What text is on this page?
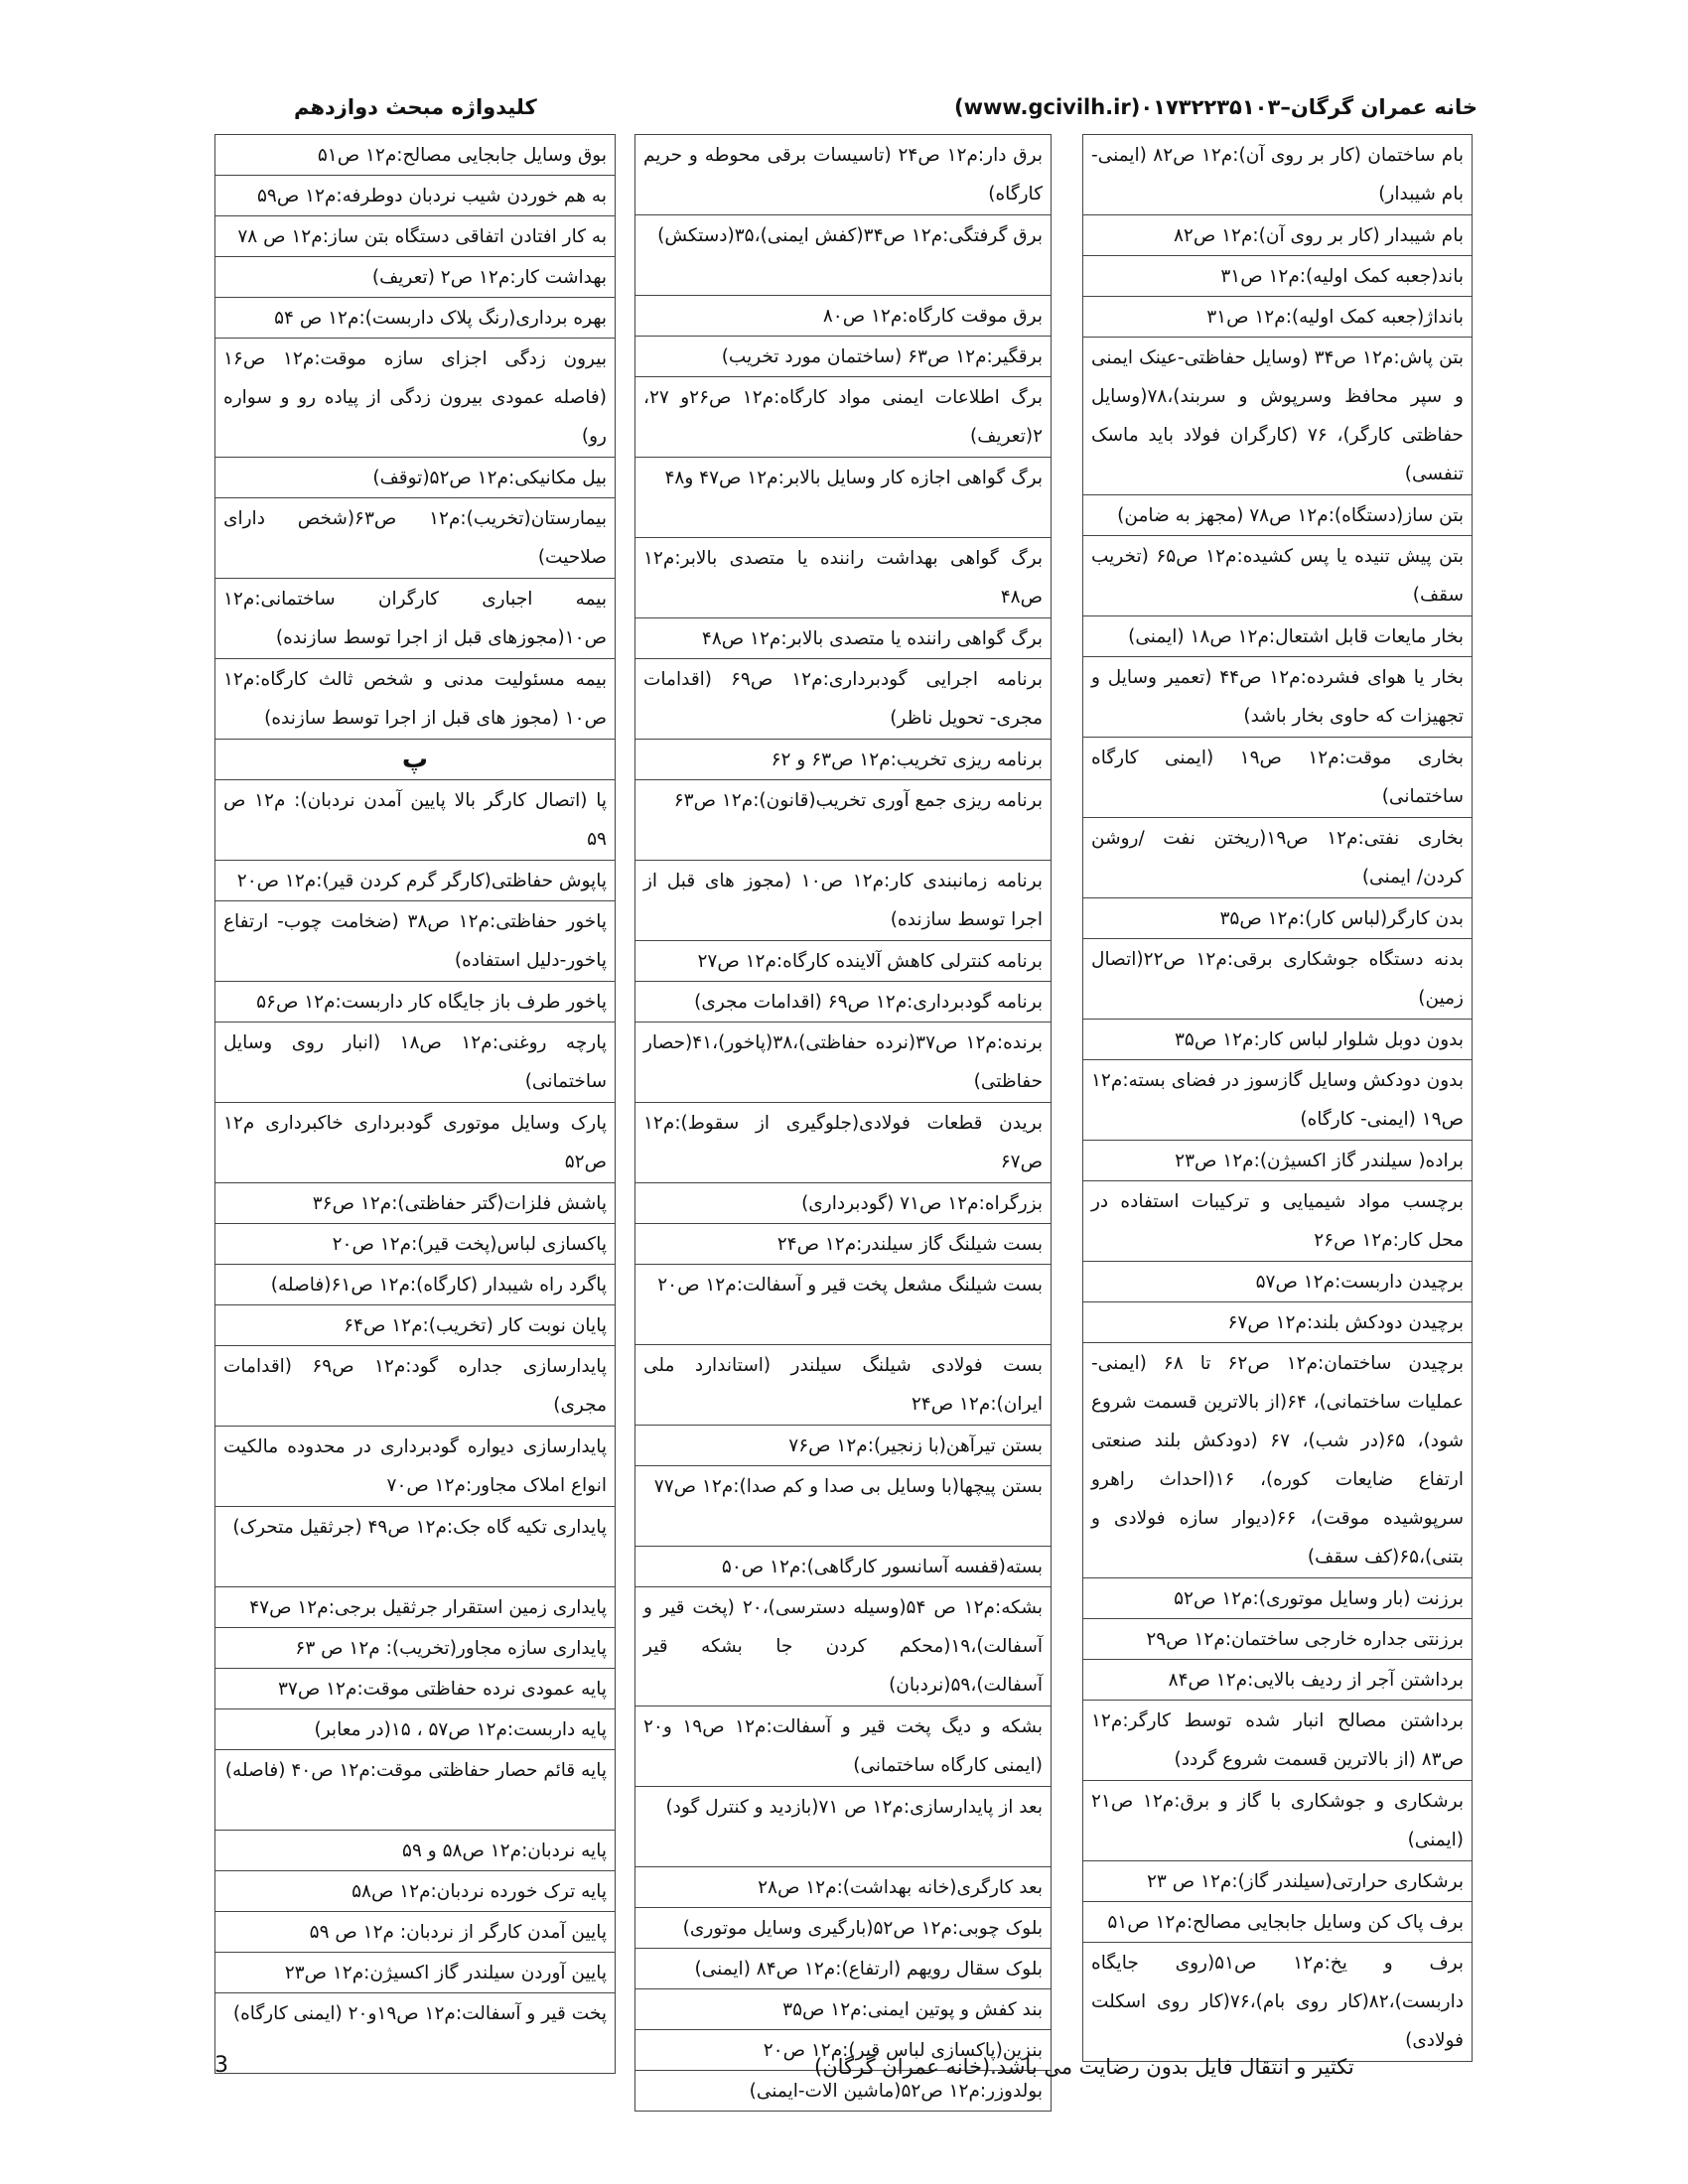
کلیدواژه مبحث دوازدهم	خانه عمران گرگان–۰۱۷۳۲۲۳۵۱۰۳(www.gcivilh.ir)
بام ساختمان (کار بر روی آن):م۱۲ ص۸۲ (ایمنی-بام شیبدار)
بام شیبدار (کار بر روی آن):م۱۲ ص۸۲
باند(جعبه کمک اولیه):م۱۲ ص۳۱
بانداژ(جعبه کمک اولیه):م۱۲ ص۳۱
بتن پاش:م۱۲ ص۳۴ (وسایل حفاظتی-عینک ایمنی و سپر محافظ وسرپوش و سربند)،۷۸(وسایل حفاظتی کارگر)، ۷۶ (کارگران فولاد باید ماسک تنفسی)
بتن ساز(دستگاه):م۱۲ ص۷۸ (مجهز به ضامن)
بتن پیش تنیده یا پس کشیده:م۱۲ ص۶۵ (تخریب سقف)
بخار مایعات قابل اشتعال:م۱۲ ص۱۸ (ایمنی)
بخار یا هوای فشرده:م۱۲ ص۴۴ (تعمیر وسایل و تجهیزات که حاوی بخار باشد)
بخاری موقت:م۱۲ ص۱۹ (ایمنی کارگاه ساختمانی)
بخاری نفتی:م۱۲ ص۱۹(ریختن نفت /روشن کردن/ ایمنی)
بدن کارگر(لباس کار):م۱۲ ص۳۵
بدنه دستگاه جوشکاری برقی:م۱۲ ص۲۲(اتصال زمین)
بدون دوبل شلوار لباس کار:م۱۲ ص۳۵
بدون دودکش وسایل گازسوز در فضای بسته:م۱۲ ص۱۹ (ایمنی- کارگاه)
براده( سیلندر گاز اکسیژن):م۱۲ ص۲۳
برچسب مواد شیمیایی و ترکیبات استفاده در محل کار:م۱۲ ص۲۶
برچیدن داربست:م۱۲ ص۵۷
برچیدن دودکش بلند:م۱۲ ص۶۷
برچیدن ساختمان:م۱۲ ص۶۲ تا ۶۸ (ایمنی-عملیات ساختمانی)، ۶۴(از بالاترین قسمت شروع شود)، ۶۵(در شب)، ۶۷ (دودکش بلند صنعتی ارتفاع ضایعات کوره)، ۱۶(احداث راهرو سرپوشیده موقت)، ۶۶(دیوار سازه فولادی و بتنی)،۶۵(کف سقف)
برزنت (بار وسایل موتوری):م۱۲ ص۵۲
برزنتی جداره خارجی ساختمان:م۱۲ ص۲۹
برداشتن آجر از ردیف بالایی:م۱۲ ص۸۴
برداشتن مصالح انبار شده توسط کارگر:م۱۲ ص۸۳ (از بالاترین قسمت شروع گردد)
برشکاری و جوشکاری با گاز و برق:م۱۲ ص۲۱ (ایمنی)
برشکاری حرارتی(سیلندر گاز):م۱۲ ص ۲۳
برف پاک کن وسایل جابجایی مصالح:م۱۲ ص۵۱
برف و یخ:م۱۲ ص۵۱(روی جایگاه داربست)،۸۲(کار روی بام)،۷۶(کار روی اسکلت فولادی)
برق دار:م۱۲ ص۲۴ (تاسیسات برقی محوطه و حریم کارگاه)
برق گرفتگی:م۱۲ ص۳۴(کفش ایمنی)،۳۵(دستکش)
برق موقت کارگاه:م۱۲ ص۸۰
برقگیر:م۱۲ ص۶۳ (ساختمان مورد تخریب)
برگ اطلاعات ایمنی مواد کارگاه:م۱۲ ص۲۶و ۲۷، ۲(تعریف)
برگ گواهی اجازه کار وسایل بالابر:م۱۲ ص۴۷ و۴۸
برگ گواهی بهداشت راننده یا متصدی بالابر:م۱۲ ص۴۸
برگ گواهی راننده یا متصدی بالابر:م۱۲ ص۴۸
برنامه اجرایی گودبرداری:م۱۲ ص۶۹ (اقدامات مجری- تحویل ناظر)
برنامه ریزی تخریب:م۱۲ ص۶۳ و ۶۲
برنامه ریزی جمع آوری تخریب(قانون):م۱۲ ص۶۳
برنامه زمانبندی کار:م۱۲ ص۱۰ (مجوز های قبل از اجرا توسط سازنده)
برنامه کنترلی کاهش آلاینده کارگاه:م۱۲ ص۲۷
برنامه گودبرداری:م۱۲ ص۶۹ (اقدامات مجری)
برنده:م۱۲ ص۳۷(نرده حفاظتی)،۳۸(پاخور)،۴۱(حصار حفاظتی)
بریدن قطعات فولادی(جلوگیری از سقوط):م۱۲ ص۶۷
بزرگراه:م۱۲ ص۷۱ (گودبرداری)
بست شیلنگ گاز سیلندر:م۱۲ ص۲۴
بست شیلنگ مشعل پخت قیر و آسفالت:م۱۲ ص۲۰
بست فولادی شیلنگ سیلندر (استاندارد ملی ایران):م۱۲ ص۲۴
بستن تیرآهن(با زنجیر):م۱۲ ص۷۶
بستن پیچها(با وسایل بی صدا و کم صدا):م۱۲ ص۷۷
بسته(قفسه آسانسور کارگاهی):م۱۲ ص۵۰
بشکه:م۱۲ ص ۵۴(وسیله دسترسی)،۲۰ (پخت قیر و آسفالت)،۱۹(محکم کردن جا بشکه قیر آسفالت)،۵۹(نردبان)
بشکه و دیگ پخت قیر و آسفالت:م۱۲ ص۱۹ و۲۰ (ایمنی کارگاه ساختمانی)
بعد از پایدارسازی:م۱۲ ص ۷۱(بازدید و کنترل گود)
بعد کارگری(خانه بهداشت):م۱۲ ص۲۸
بلوک چوبی:م۱۲ ص۵۲(بارگیری وسایل موتوری)
بلوک سقال رویهم (ارتفاع):م۱۲ ص۸۴ (ایمنی)
بند کفش و پوتین ایمنی:م۱۲ ص۳۵
بنزین(پاکسازی لباس قیر):م۱۲ ص۲۰
بولدوزر:م۱۲ ص۵۲(ماشین الات-ایمنی)
بوق وسایل جابجایی مصالح:م۱۲ ص۵۱
به هم خوردن شیب نردبان دوطرفه:م۱۲ ص۵۹
به کار افتادن اتفاقی دستگاه بتن ساز:م۱۲ ص ۷۸
بهداشت کار:م۱۲ ص۲ (تعریف)
بهره برداری(رنگ پلاک داربست):م۱۲ ص ۵۴
بیرون زدگی اجزای سازه موقت:م۱۲ ص۱۶ (فاصله عمودی بیرون زدگی از پیاده رو و سواره رو)
بیل مکانیکی:م۱۲ ص۵۲(توقف)
بیمارستان(تخریب):م۱۲ ص۶۳(شخص دارای صلاحیت)
بیمه اجباری کارگران ساختمانی:م۱۲ ص۱۰(مجوزهای قبل از اجرا توسط سازنده)
بیمه مسئولیت مدنی و شخص ثالث کارگاه:م۱۲ ص۱۰ (مجوز های قبل از اجرا توسط سازنده)
پ
پا (اتصال کارگر بالا پایین آمدن نردبان): م۱۲ ص ۵۹
پاپوش حفاظتی(کارگر گرم کردن قیر):م۱۲ ص۲۰
پاخور حفاظتی:م۱۲ ص۳۸ (ضخامت چوب- ارتفاع پاخور-دلیل استفاده)
پاخور طرف باز جایگاه کار داربست:م۱۲ ص۵۶
پارچه روغنی:م۱۲ ص۱۸ (انبار روی وسایل ساختمانی)
پارک وسایل موتوری گودبرداری خاکبرداری م۱۲ ص۵۲
پاشش فلزات(گتر حفاظتی):م۱۲ ص۳۶
پاکسازی لباس(پخت قیر):م۱۲ ص۲۰
پاگرد راه شیبدار (کارگاه):م۱۲ ص۶۱(فاصله)
پایان نوبت کار (تخریب):م۱۲ ص۶۴
پایدارسازی جداره گود:م۱۲ ص۶۹ (اقدامات مجری)
پایدارسازی دیواره گودبرداری در محدوده مالکیت انواع املاک مجاور:م۱۲ ص۷۰
پایداری تکیه گاه جک:م۱۲ ص۴۹ (جرثقیل متحرک)
پایداری زمین استقرار جرثقیل برجی:م۱۲ ص۴۷
پایداری سازه مجاور(تخریب): م۱۲ ص ۶۳
پایه عمودی نرده حفاظتی موقت:م۱۲ ص۳۷
پایه داربست:م۱۲ ص۵۷ ، ۱۵(در معابر)
پایه قائم حصار حفاظتی موقت:م۱۲ ص۴۰ (فاصله)
پایه نردبان:م۱۲ ص۵۸ و ۵۹
پایه ترک خورده نردبان:م۱۲ ص۵۸
پایین آمدن کارگر از نردبان: م۱۲ ص ۵۹
پایین آوردن سیلندر گاز اکسیژن:م۱۲ ص۲۳
پخت قیر و آسفالت:م۱۲ ص۱۹و۲۰ (ایمنی کارگاه)
تکثیر و انتقال فایل بدون رضایت می باشد.(خانه عمران گرگان)
3
